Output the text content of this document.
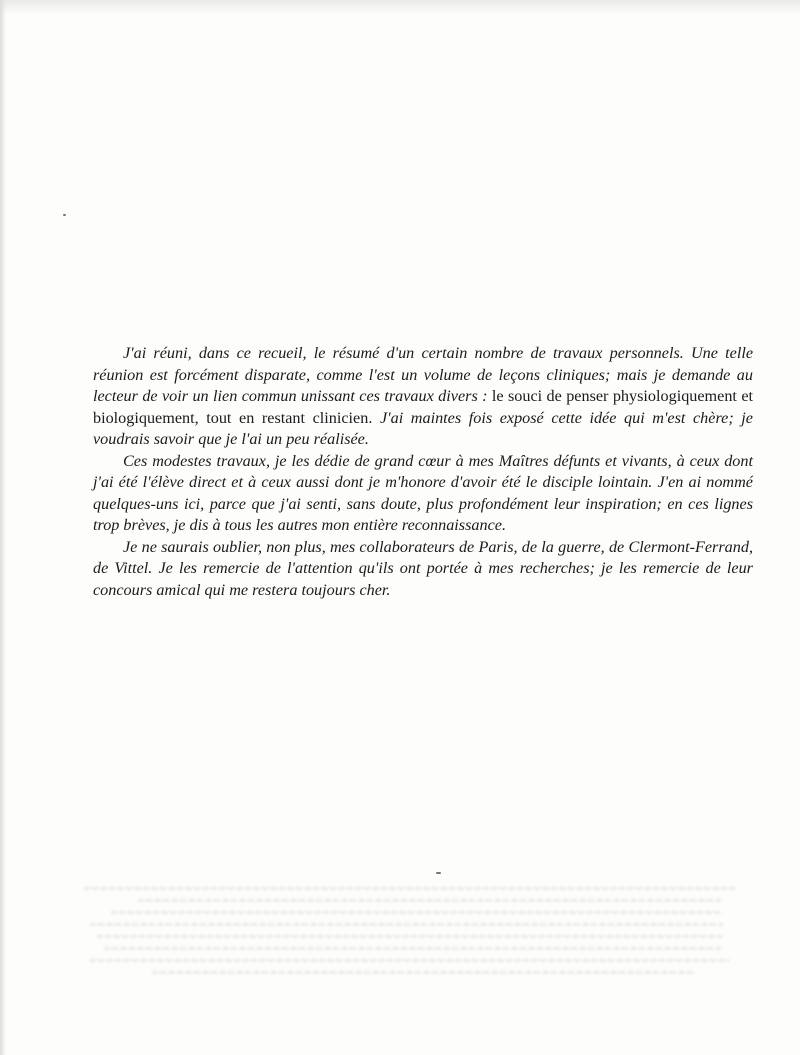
J'ai réuni, dans ce recueil, le résumé d'un certain nombre de travaux personnels. Une telle réunion est forcément disparate, comme l'est un volume de leçons cliniques; mais je demande au lecteur de voir un lien commun unissant ces travaux divers : le souci de penser physiologiquement et biologiquement, tout en restant clinicien. J'ai maintes fois exposé cette idée qui m'est chère; je voudrais savoir que je l'ai un peu réalisée.

Ces modestes travaux, je les dédie de grand cœur à mes Maîtres défunts et vivants, à ceux dont j'ai été l'élève direct et à ceux aussi dont je m'honore d'avoir été le disciple lointain. J'en ai nommé quelques-uns ici, parce que j'ai senti, sans doute, plus profondément leur inspiration; en ces lignes trop brèves, je dis à tous les autres mon entière reconnaissance.

Je ne saurais oublier, non plus, mes collaborateurs de Paris, de la guerre, de Clermont-Ferrand, de Vittel. Je les remercie de l'attention qu'ils ont portée à mes recherches; je les remercie de leur concours amical qui me restera toujours cher.
